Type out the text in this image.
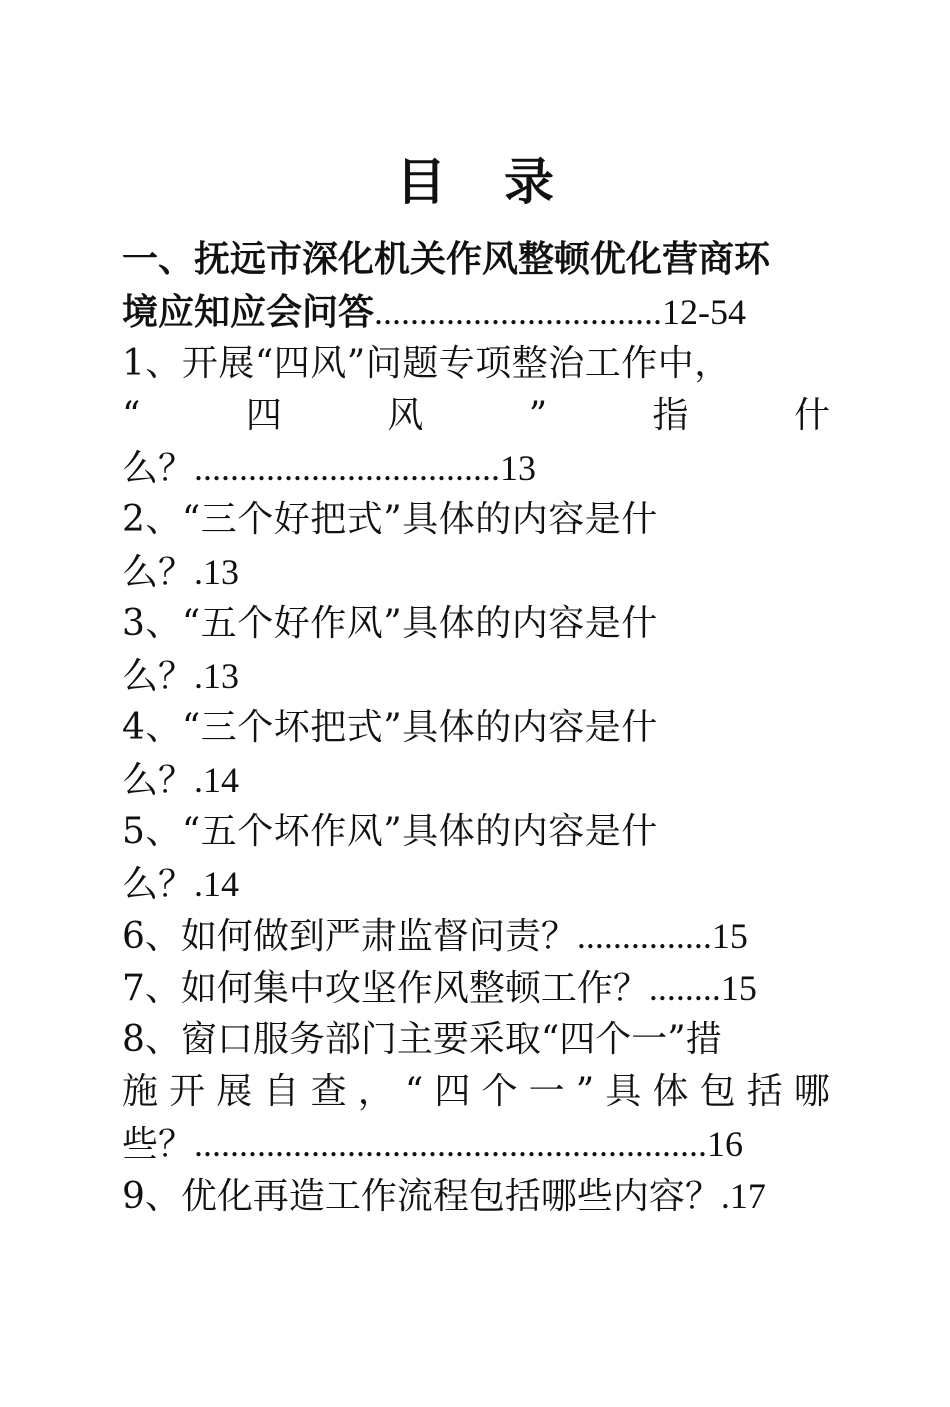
目 录
一、抚远市深化机关作风整顿优化营商环
境应知应会问答................................12-54
1、开展“四风”问题专项整治工作中，
“	四	风	”	指	什
么？..................................13
2、“三个好把式”具体的内容是什
么？.13
3、“五个好作风”具体的内容是什
么？.13
4、“三个坏把式”具体的内容是什
么？.14
5、“五个坏作风”具体的内容是什
么？.14
6、如何做到严肃监督问责？...............15
7、如何集中攻坚作风整顿工作？........15
8、窗口服务部门主要采取“四个一”措
施 开 展 自 查 ， “ 四 个 一 ” 具 体 包 括 哪
些？.........................................................16
9、优化再造工作流程包括哪些内容？.17
